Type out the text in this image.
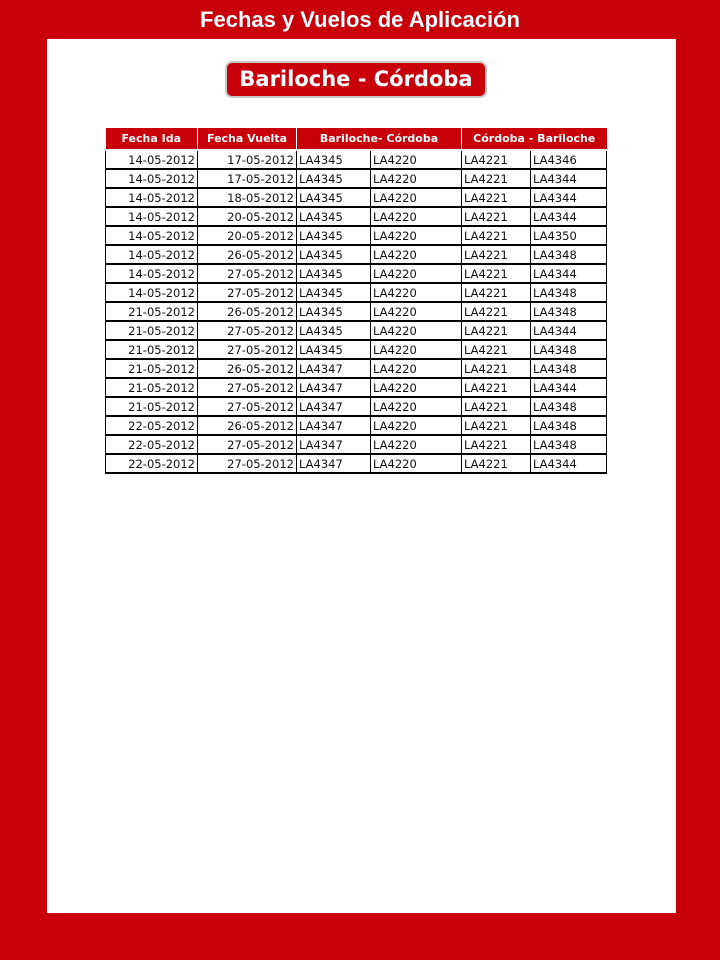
Fechas y Vuelos de Aplicación
Bariloche - Córdoba
Fecha Ida	Fecha Vuelta	Bariloche- Córdoba		Córdoba - Bariloche	
14-05-2012	17-05-2012	LA4345	LA4220	LA4221	LA4346
14-05-2012	17-05-2012	LA4345	LA4220	LA4221	LA4344
14-05-2012	18-05-2012	LA4345	LA4220	LA4221	LA4344
14-05-2012	20-05-2012	LA4345	LA4220	LA4221	LA4344
14-05-2012	20-05-2012	LA4345	LA4220	LA4221	LA4350
14-05-2012	26-05-2012	LA4345	LA4220	LA4221	LA4348
14-05-2012	27-05-2012	LA4345	LA4220	LA4221	LA4344
14-05-2012	27-05-2012	LA4345	LA4220	LA4221	LA4348
21-05-2012	26-05-2012	LA4345	LA4220	LA4221	LA4348
21-05-2012	27-05-2012	LA4345	LA4220	LA4221	LA4344
21-05-2012	27-05-2012	LA4345	LA4220	LA4221	LA4348
21-05-2012	26-05-2012	LA4347	LA4220	LA4221	LA4348
21-05-2012	27-05-2012	LA4347	LA4220	LA4221	LA4344
21-05-2012	27-05-2012	LA4347	LA4220	LA4221	LA4348
22-05-2012	26-05-2012	LA4347	LA4220	LA4221	LA4348
22-05-2012	27-05-2012	LA4347	LA4220	LA4221	LA4348
22-05-2012	27-05-2012	LA4347	LA4220	LA4221	LA4344
